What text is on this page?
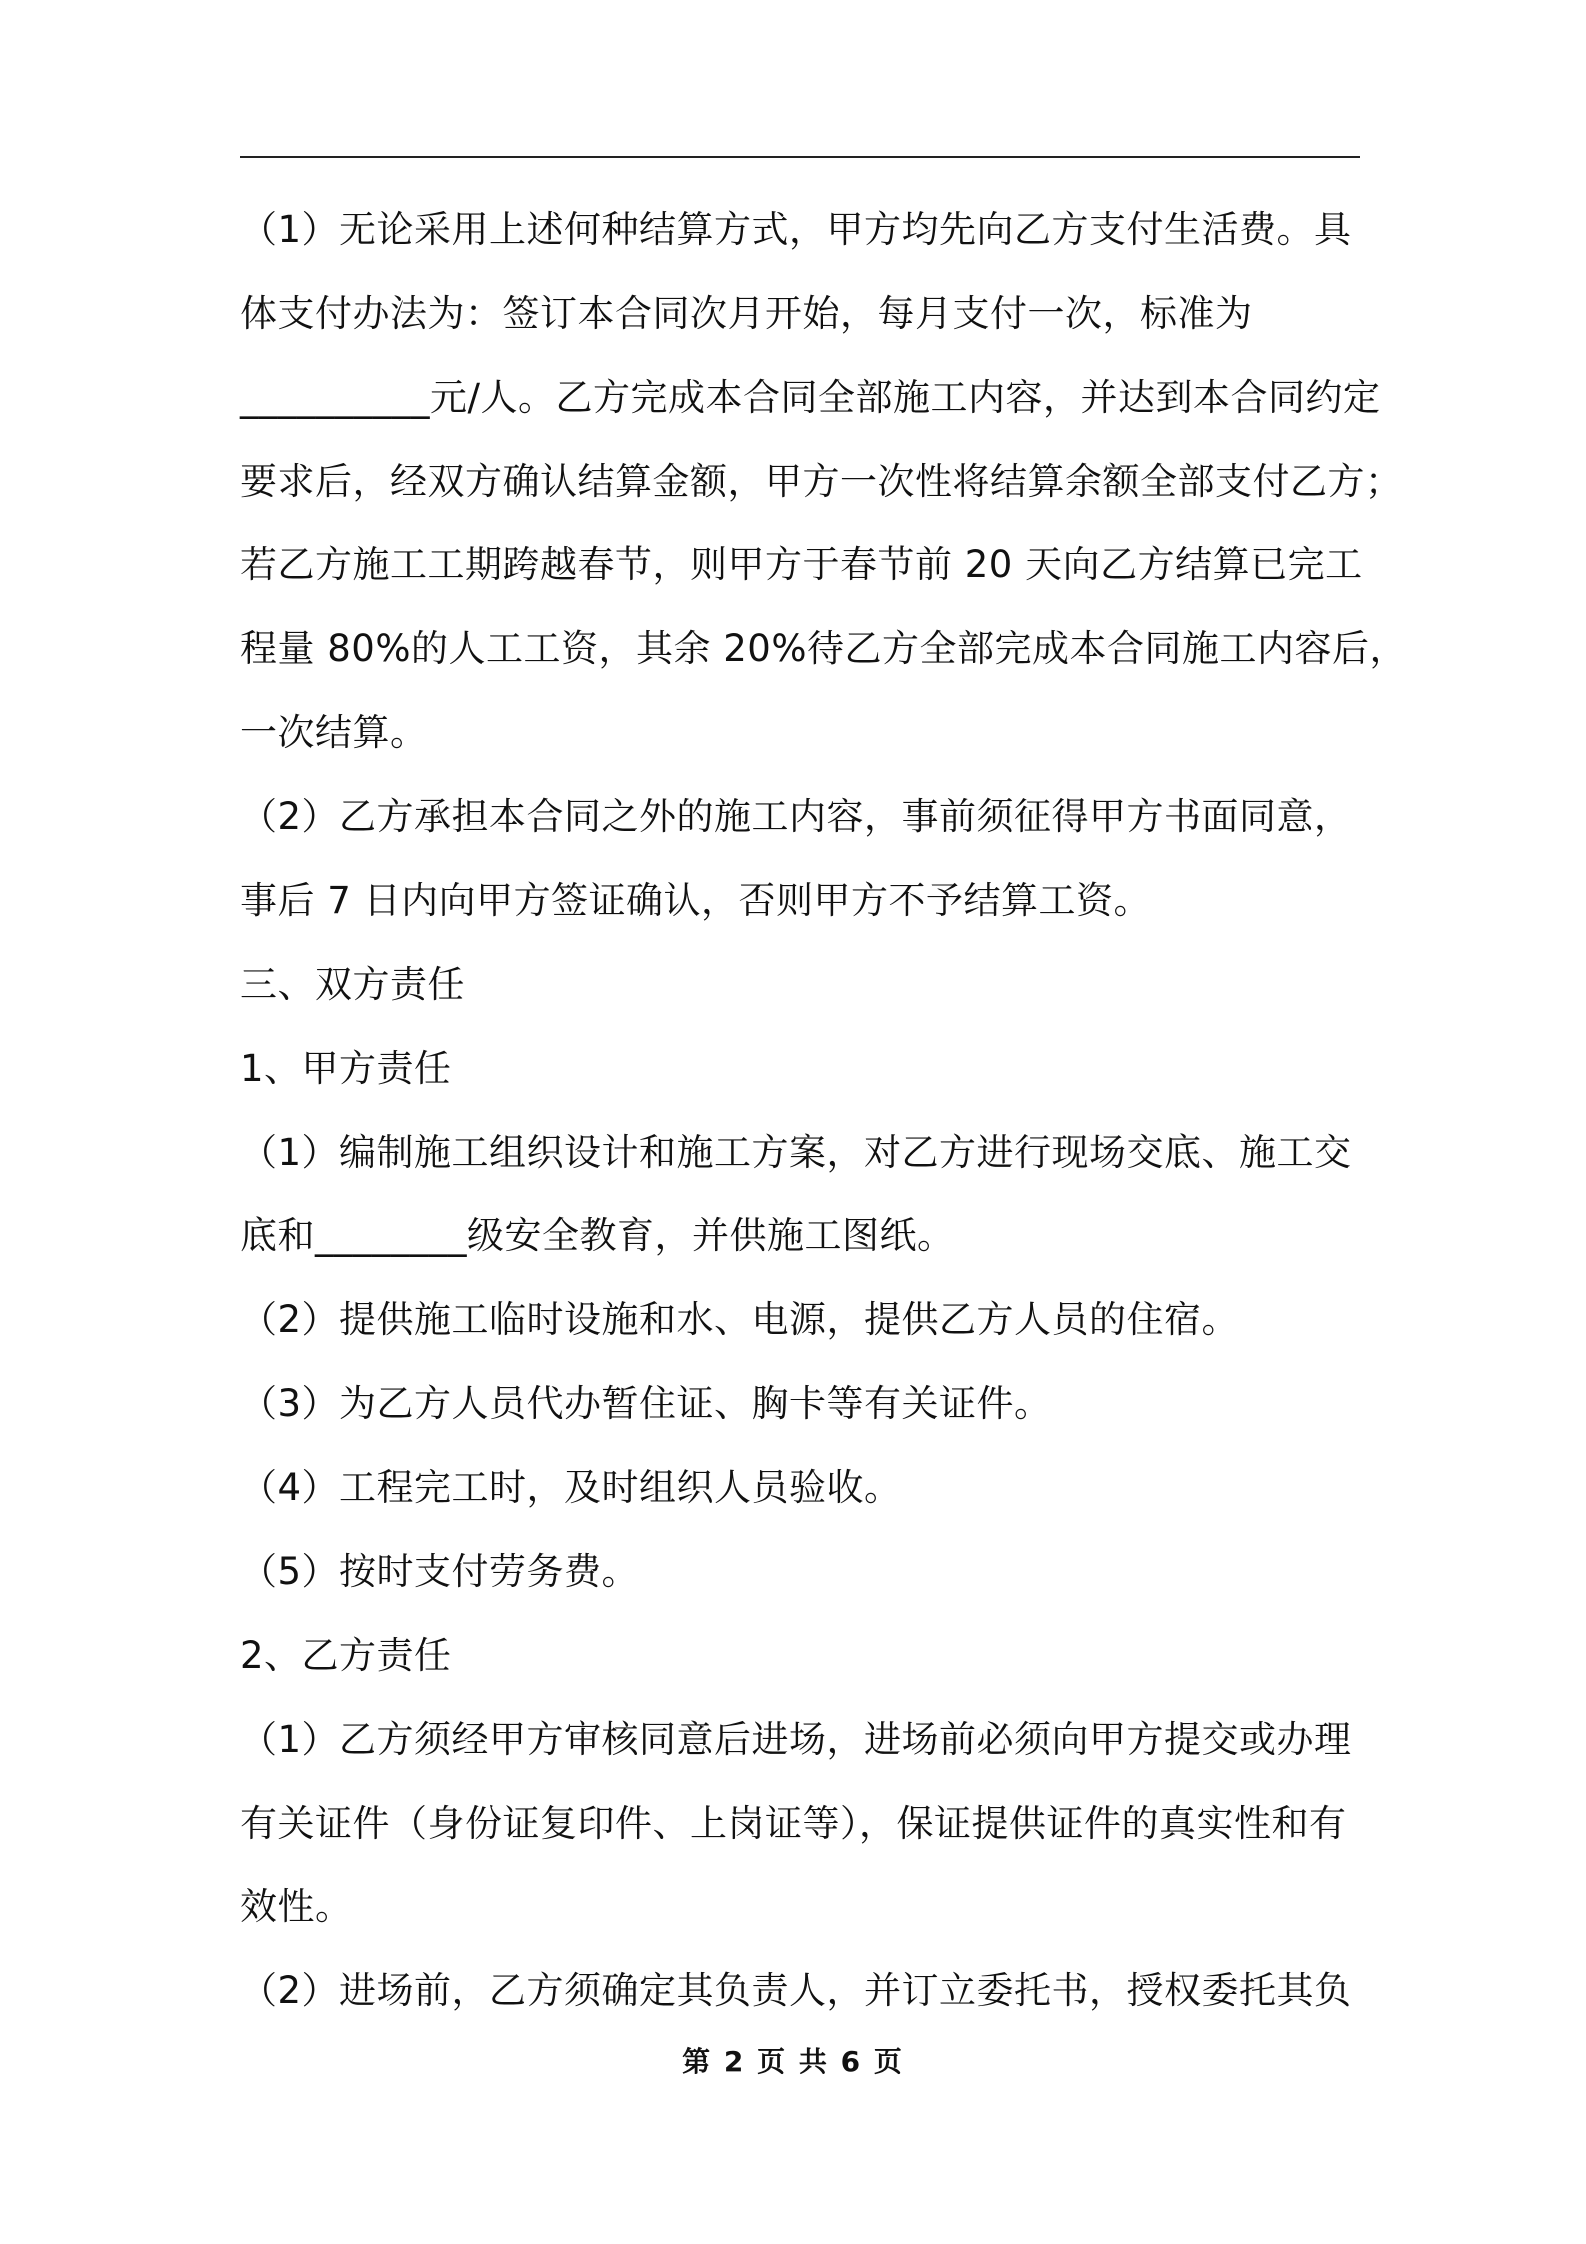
（1）无论采用上述何种结算方式，甲方均先向乙方支付生活费。具
体支付办法为：签订本合同次月开始，每月支付一次，标准为
__________元/人。乙方完成本合同全部施工内容，并达到本合同约定
要求后，经双方确认结算金额，甲方一次性将结算余额全部支付乙方；
若乙方施工工期跨越春节，则甲方于春节前 20 天向乙方结算已完工
程量 80%的人工工资，其余 20%待乙方全部完成本合同施工内容后，
一次结算。
（2）乙方承担本合同之外的施工内容，事前须征得甲方书面同意，
事后 7 日内向甲方签证确认，否则甲方不予结算工资。
三、双方责任
1、甲方责任
（1）编制施工组织设计和施工方案，对乙方进行现场交底、施工交
底和________级安全教育，并供施工图纸。
（2）提供施工临时设施和水、电源，提供乙方人员的住宿。
（3）为乙方人员代办暂住证、胸卡等有关证件。
（4）工程完工时，及时组织人员验收。
（5）按时支付劳务费。
2、乙方责任
（1）乙方须经甲方审核同意后进场，进场前必须向甲方提交或办理
有关证件（身份证复印件、上岗证等），保证提供证件的真实性和有
效性。
（2）进场前，乙方须确定其负责人，并订立委托书，授权委托其负
第 2 页 共 6 页
